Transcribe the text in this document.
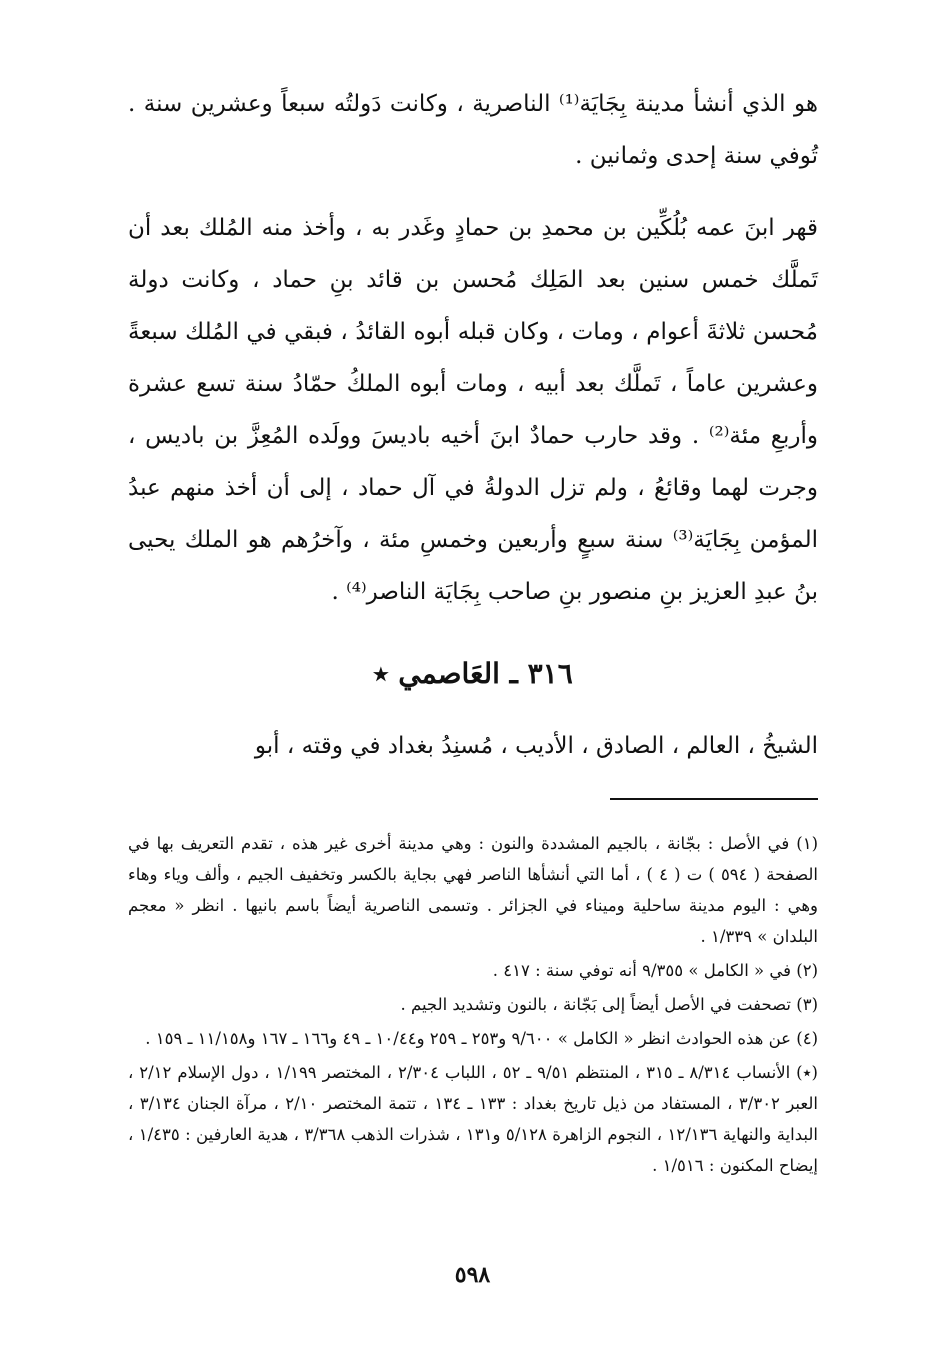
هو الذي أنشأ مدينة بِجَايَة⁽¹⁾ الناصرية ، وكانت دَولتُه سبعاً وعشرين سنة . تُوفي سنة إحدى وثمانين .

قهر ابنَ عمه بُلُكِّين بن محمدِ بن حمادٍ وغَدر به ، وأخذ منه المُلك بعد أن تَملَّك خمس سنين بعد المَلِك مُحسن بن قائد بنِ حماد ، وكانت دولة مُحسن ثلاثةَ أعوام ، ومات ، وكان قبله أبوه القائدُ ، فبقي في المُلك سبعةً وعشرين عاماً ، تَملَّك بعد أبيه ، ومات أبوه الملكُ حمّادُ سنة تسع عشرة وأربعِ مئة⁽²⁾ . وقد حارب حمادٌ ابنَ أخيه باديسَ وولَده المُعِزَّ بن باديس ، وجرت لهما وقائعُ ، ولم تزل الدولةُ في آل حماد ، إلى أن أخذ منهم عبدُ المؤمن بِجَايَة⁽³⁾ سنة سبعٍ وأربعين وخمسِ مئة ، وآخرُهم هو الملك يحيى بنُ عبدِ العزيز بنِ منصور بنِ صاحب بِجَايَة الناصر⁽⁴⁾ .

٣١٦ ـ العَاصمي ٭

الشيخُ ، العالم ، الصادق ، الأديب ، مُسنِدُ بغداد في وقته ، أبو

(١) في الأصل : بجّانة ، بالجيم المشددة والنون : وهي مدينة أخرى غير هذه ، تقدم التعريف بها في الصفحة ( ٥٩٤ ) ت ( ٤ ) ، أما التي أنشأها الناصر فهي بجاية بالكسر وتخفيف الجيم ، وألف وياء وهاء وهي : اليوم مدينة ساحلية وميناء في الجزائر . وتسمى الناصرية أيضاً باسم بانيها . انظر « معجم البلدان » ١/٣٣٩ .

(٢) في « الكامل » ٩/٣٥٥ أنه توفي سنة : ٤١٧ .

(٣) تصحفت في الأصل أيضاً إلى بَجّانة ، بالنون وتشديد الجيم .

(٤) عن هذه الحوادث انظر « الكامل » ٩/٦٠٠ و٢٥٣ ـ ٢٥٩ و١٠/٤٤ ـ ٤٩ و١٦٦ ـ ١٦٧ و١١/١٥٨ ـ ١٥٩ .

(٭) الأنساب ٨/٣١٤ ـ ٣١٥ ، المنتظم ٩/٥١ ـ ٥٢ ، اللباب ٢/٣٠٤ ، المختصر ١/١٩٩ ، دول الإسلام ٢/١٢ ، العبر ٣/٣٠٢ ، المستفاد من ذيل تاريخ بغداد : ١٣٣ ـ ١٣٤ ، تتمة المختصر ٢/١٠ ، مرآة الجنان ٣/١٣٤ ، البداية والنهاية ١٢/١٣٦ ، النجوم الزاهرة ٥/١٢٨ و١٣١ ، شذرات الذهب ٣/٣٦٨ ، هدية العارفين : ١/٤٣٥ ، إيضاح المكنون : ١/٥١٦ .

٥٩٨
